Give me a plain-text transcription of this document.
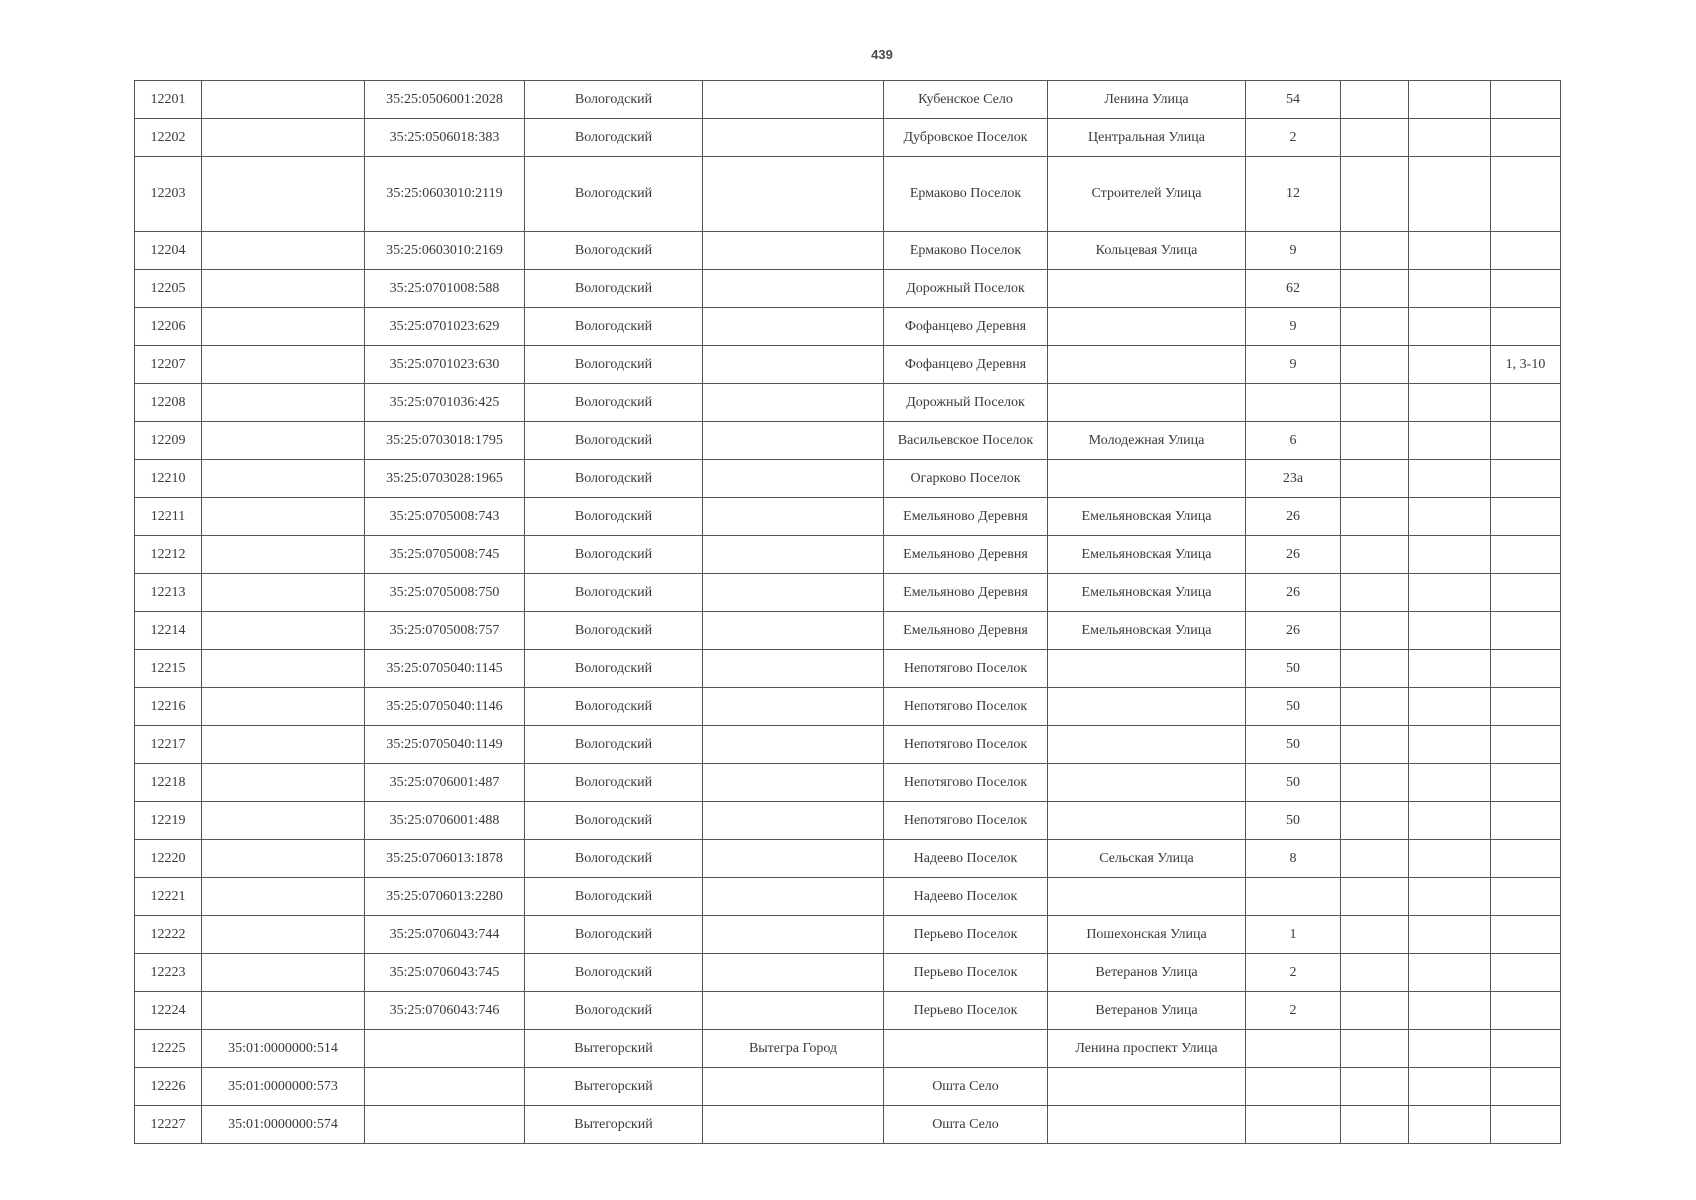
439
12201		35:25:0506001:2028	Вологодский		Кубенское Село	Ленина Улица	54			
12202		35:25:0506018:383	Вологодский		Дубровское Поселок	Центральная Улица	2			
12203		35:25:0603010:2119	Вологодский		Ермаково Поселок	Строителей Улица	12			
12204		35:25:0603010:2169	Вологодский		Ермаково Поселок	Кольцевая Улица	9			
12205		35:25:0701008:588	Вологодский		Дорожный Поселок		62			
12206		35:25:0701023:629	Вологодский		Фофанцево Деревня		9			
12207		35:25:0701023:630	Вологодский		Фофанцево Деревня		9			1, 3-10
12208		35:25:0701036:425	Вологодский		Дорожный Поселок					
12209		35:25:0703018:1795	Вологодский		Васильевское Поселок	Молодежная Улица	6			
12210		35:25:0703028:1965	Вологодский		Огарково Поселок		23а			
12211		35:25:0705008:743	Вологодский		Емельяново Деревня	Емельяновская Улица	26			
12212		35:25:0705008:745	Вологодский		Емельяново Деревня	Емельяновская Улица	26			
12213		35:25:0705008:750	Вологодский		Емельяново Деревня	Емельяновская Улица	26			
12214		35:25:0705008:757	Вологодский		Емельяново Деревня	Емельяновская Улица	26			
12215		35:25:0705040:1145	Вологодский		Непотягово Поселок		50			
12216		35:25:0705040:1146	Вологодский		Непотягово Поселок		50			
12217		35:25:0705040:1149	Вологодский		Непотягово Поселок		50			
12218		35:25:0706001:487	Вологодский		Непотягово Поселок		50			
12219		35:25:0706001:488	Вологодский		Непотягово Поселок		50			
12220		35:25:0706013:1878	Вологодский		Надеево Поселок	Сельская Улица	8			
12221		35:25:0706013:2280	Вологодский		Надеево Поселок					
12222		35:25:0706043:744	Вологодский		Перьево Поселок	Пошехонская Улица	1			
12223		35:25:0706043:745	Вологодский		Перьево Поселок	Ветеранов Улица	2			
12224		35:25:0706043:746	Вологодский		Перьево Поселок	Ветеранов Улица	2			
12225	35:01:0000000:514		Вытегорский	Вытегра Город		Ленина проспект Улица				
12226	35:01:0000000:573		Вытегорский		Ошта Село					
12227	35:01:0000000:574		Вытегорский		Ошта Село					
